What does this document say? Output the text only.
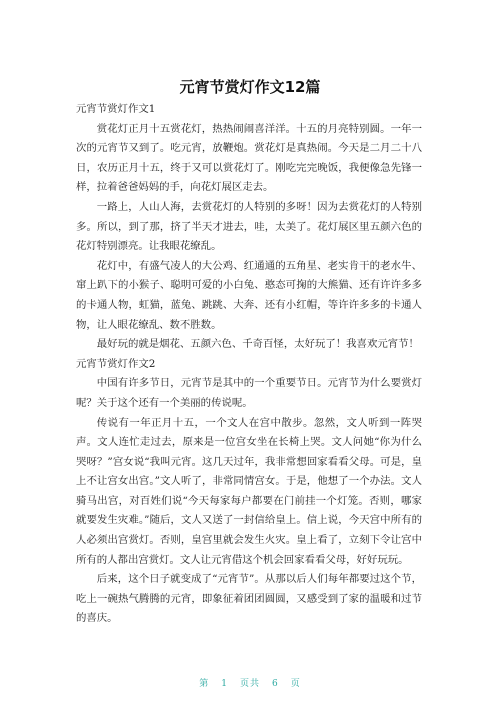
元宵节赏灯作文12篇

元宵节赏灯作文1

赏花灯正月十五赏花灯，热热闹闹喜洋洋。十五的月亮特别圆。一年一次的元宵节又到了。吃元宵，放鞭炮。赏花灯是真热闹。今天是二月二十八日，农历正月十五，终于又可以赏花灯了。刚吃完完晚饭，我便像急先锋一样，拉着爸爸妈妈的手，向花灯展区走去。

一路上，人山人海，去赏花灯的人特别的多呀！因为去赏花灯的人特别多。所以，到了那，挤了半天才进去，哇，太美了。花灯展区里五颜六色的花灯特别漂亮。让我眼花缭乱。

花灯中，有盛气凌人的大公鸡、红通通的五角星、老实肯干的老水牛、窜上趴下的小猴子、聪明可爱的小白兔、憨态可掬的大熊猫、还有许许多多的卡通人物，虹猫，蓝兔、跳跳、大奔、还有小红帽，等许许多多的卡通人物，让人眼花缭乱、数不胜数。

最好玩的就是烟花、五颜六色、千奇百怪，太好玩了！我喜欢元宵节！

元宵节赏灯作文2

中国有许多节日，元宵节是其中的一个重要节日。元宵节为什么要赏灯呢？关于这个还有一个美丽的传说呢。

传说有一年正月十五，一个文人在宫中散步。忽然，文人听到一阵哭声。文人连忙走过去，原来是一位宫女坐在长椅上哭。文人问她“你为什么哭呀？”宫女说“我叫元宵。这几天过年，我非常想回家看看父母。可是，皇上不让宫女出宫。”文人听了，非常同情宫女。于是，他想了一个办法。文人骑马出宫，对百姓们说“今天每家每户都要在门前挂一个灯笼。否则，哪家就要发生灾难。”随后，文人又送了一封信给皇上。信上说，今天宫中所有的人必须出宫赏灯。否则，皇宫里就会发生火灾。皇上看了，立刻下令让宫中所有的人都出宫赏灯。文人让元宵借这个机会回家看看父母，好好玩玩。

后来，这个日子就变成了“元宵节”。从那以后人们每年都要过这个节，吃上一碗热气腾腾的元宵，即象征着团团圆圆，又感受到了家的温暖和过节的喜庆。

第 1 页共 6 页
